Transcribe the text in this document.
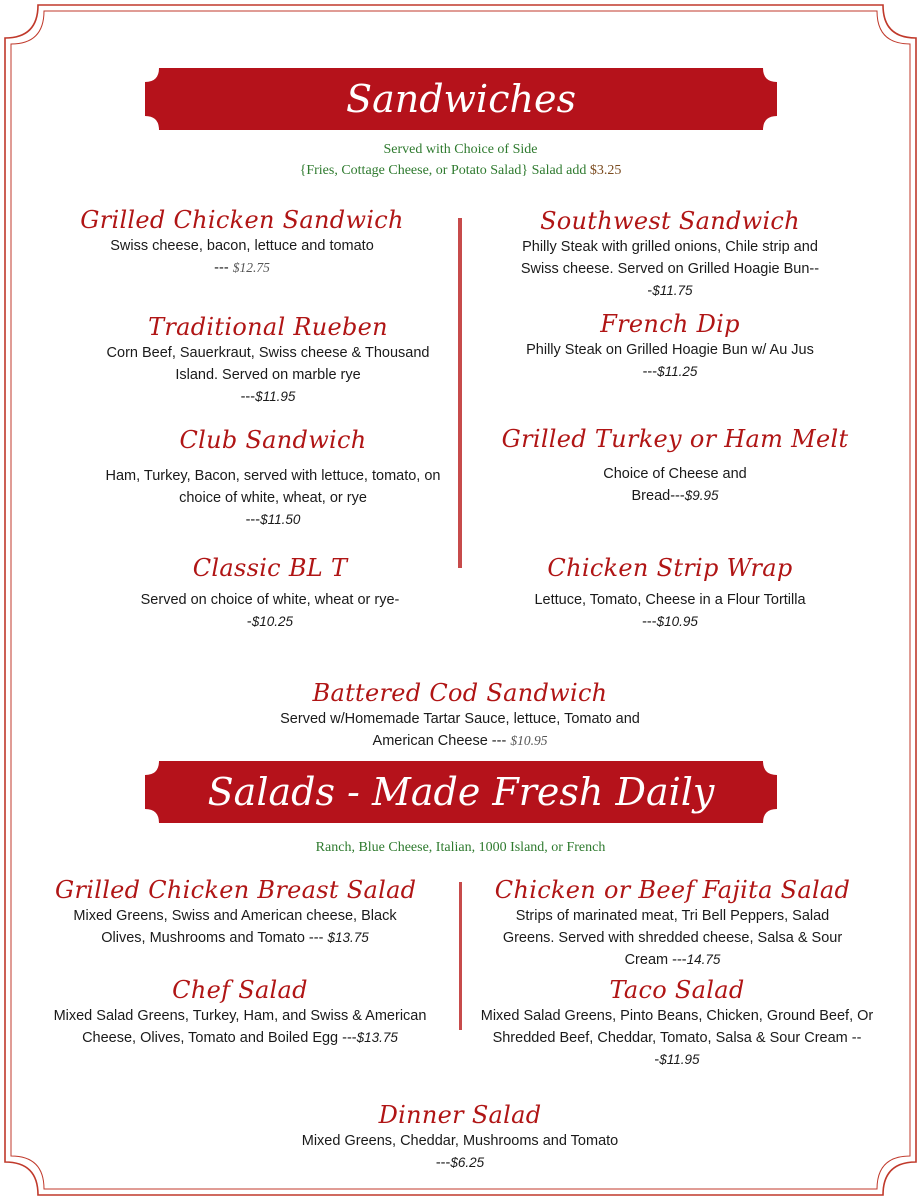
Sandwiches
Served with Choice of Side
{Fries, Cottage Cheese, or Potato Salad} Salad add $3.25
Grilled Chicken Sandwich
Swiss cheese, bacon, lettuce and tomato
--- $12.75
Traditional Rueben
Corn Beef, Sauerkraut, Swiss cheese & Thousand Island. Served on marble rye
---$11.95
Club Sandwich
Ham, Turkey, Bacon, served with lettuce, tomato, on choice of white, wheat, or rye
---$11.50
Classic BL T
Served on choice of white, wheat or rye--$10.25
Southwest Sandwich
Philly Steak with grilled onions, Chile strip and Swiss cheese. Served on Grilled Hoagie Bun---$11.75
French Dip
Philly Steak on Grilled Hoagie Bun w/ Au Jus
---$11.25
Grilled Turkey or Ham Melt
Choice of Cheese and Bread---$9.95
Chicken Strip Wrap
Lettuce, Tomato, Cheese in a Flour Tortilla
---$10.95
Battered Cod Sandwich
Served w/Homemade Tartar Sauce, lettuce, Tomato and American Cheese --- $10.95
Salads - Made Fresh Daily
Ranch, Blue Cheese, Italian, 1000 Island, or French
Grilled Chicken Breast Salad
Mixed Greens, Swiss and American cheese, Black Olives, Mushrooms and Tomato --- $13.75
Chef Salad
Mixed Salad Greens, Turkey, Ham, and Swiss & American Cheese, Olives, Tomato and Boiled Egg ---$13.75
Chicken or Beef Fajita Salad
Strips of marinated meat, Tri Bell Peppers, Salad Greens. Served with shredded cheese, Salsa & Sour Cream ---14.75
Taco Salad
Mixed Salad Greens, Pinto Beans, Chicken, Ground Beef, Or Shredded Beef, Cheddar, Tomato, Salsa & Sour Cream ---$11.95
Dinner Salad
Mixed Greens, Cheddar, Mushrooms and Tomato
---$6.25
